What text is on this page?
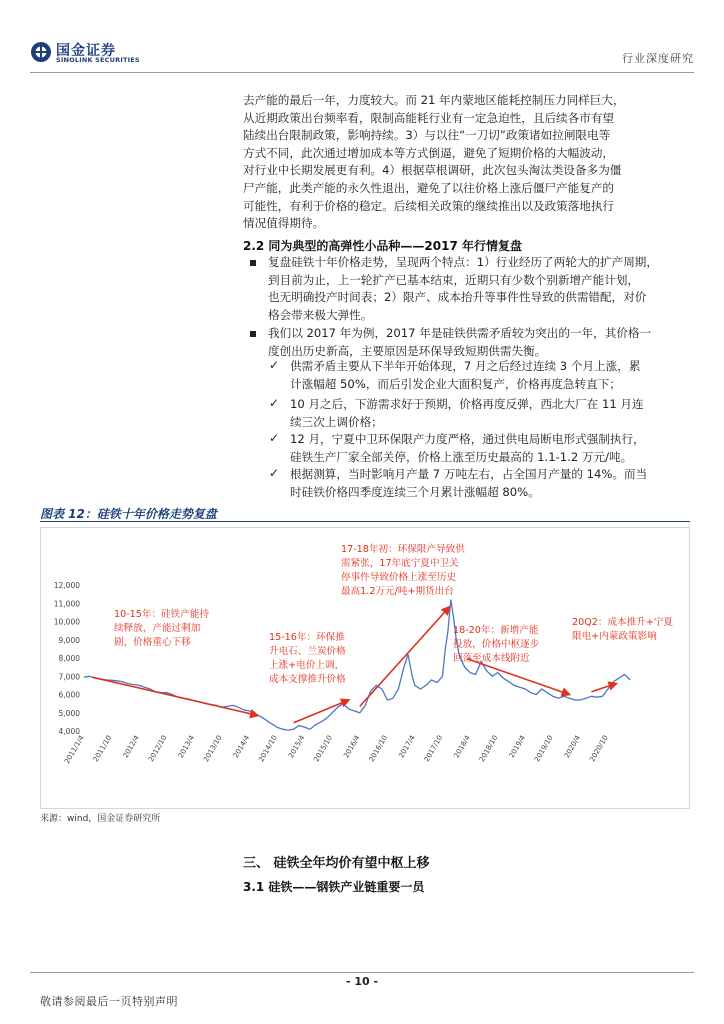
国金证券
SINOLINK SECURITIES	行业深度研究
去产能的最后一年，力度较大。而 21 年内蒙地区能耗控制压力同样巨大，
从近期政策出台频率看，限制高能耗行业有一定急迫性，且后续各市有望
陆续出台限制政策，影响持续。3）与以往“一刀切”政策诸如拉闸限电等
方式不同，此次通过增加成本等方式倒逼，避免了短期价格的大幅波动，
对行业中长期发展更有利。4）根据草根调研，此次包头淘汰类设备多为僵
尸产能，此类产能的永久性退出，避免了以往价格上涨后僵尸产能复产的
可能性，有利于价格的稳定。后续相关政策的继续推出以及政策落地执行
情况值得期待。
2.2 同为典型的高弹性小品种——2017 年行情复盘
复盘硅铁十年价格走势，呈现两个特点：1）行业经历了两轮大的扩产周期，
到目前为止，上一轮扩产已基本结束，近期只有少数个别新增产能计划，
也无明确投产时间表；2）限产、成本抬升等事件性导致的供需错配，对价
格会带来极大弹性。
我们以 2017 年为例，2017 年是硅铁供需矛盾较为突出的一年，其价格一
度创出历史新高，主要原因是环保导致短期供需失衡。
✓ 供需矛盾主要从下半年开始体现，7 月之后经过连续 3 个月上涨，累
计涨幅超 50%，而后引发企业大面积复产，价格再度急转直下；
✓ 10 月之后，下游需求好于预期，价格再度反弹，西北大厂在 11 月连
续三次上调价格；
✓ 12 月，宁夏中卫环保限产力度严格，通过供电局断电形式强制执行，
硅铁生产厂家全部关停，价格上涨至历史最高的 1.1-1.2 万元/吨。
✓ 根据测算，当时影响月产量 7 万吨左右，占全国月产量的 14%。而当
时硅铁价格四季度连续三个月累计涨幅超 80%。
图表 12：硅铁十年价格走势复盘
4,000
5,000
6,000
7,000
8,000
9,000
10,000
11,000
12,000
2011/1/4 2011/10 2012/4 2012/10 2013/4 2013/10 2014/4 2014/10 2015/4 2015/10 2016/4 2016/10 2017/4 2017/10 2018/4 2018/10 2019/4 2019/10 2020/4 2020/10
10-15年：硅铁产能持
续释放，产能过剩加
剧，价格重心下移	15-16年：环保推
升电石、兰炭价格
上涨+电价上调，
成本支撑推升价格
17-18年初：环保限产导致供
需紧张，17年底宁夏中卫关
停事件导致价格上涨至历史
最高1.2万元/吨+期货出台
18-20年：新增产能
投放，价格中枢逐步
回落至成本线附近
20Q2：成本推升+宁夏
限电+内蒙政策影响
来源：wind，国金证券研究所
三、 硅铁全年均价有望中枢上移
3.1 硅铁——钢铁产业链重要一员
- 10 -
敬请参阅最后一页特别声明
